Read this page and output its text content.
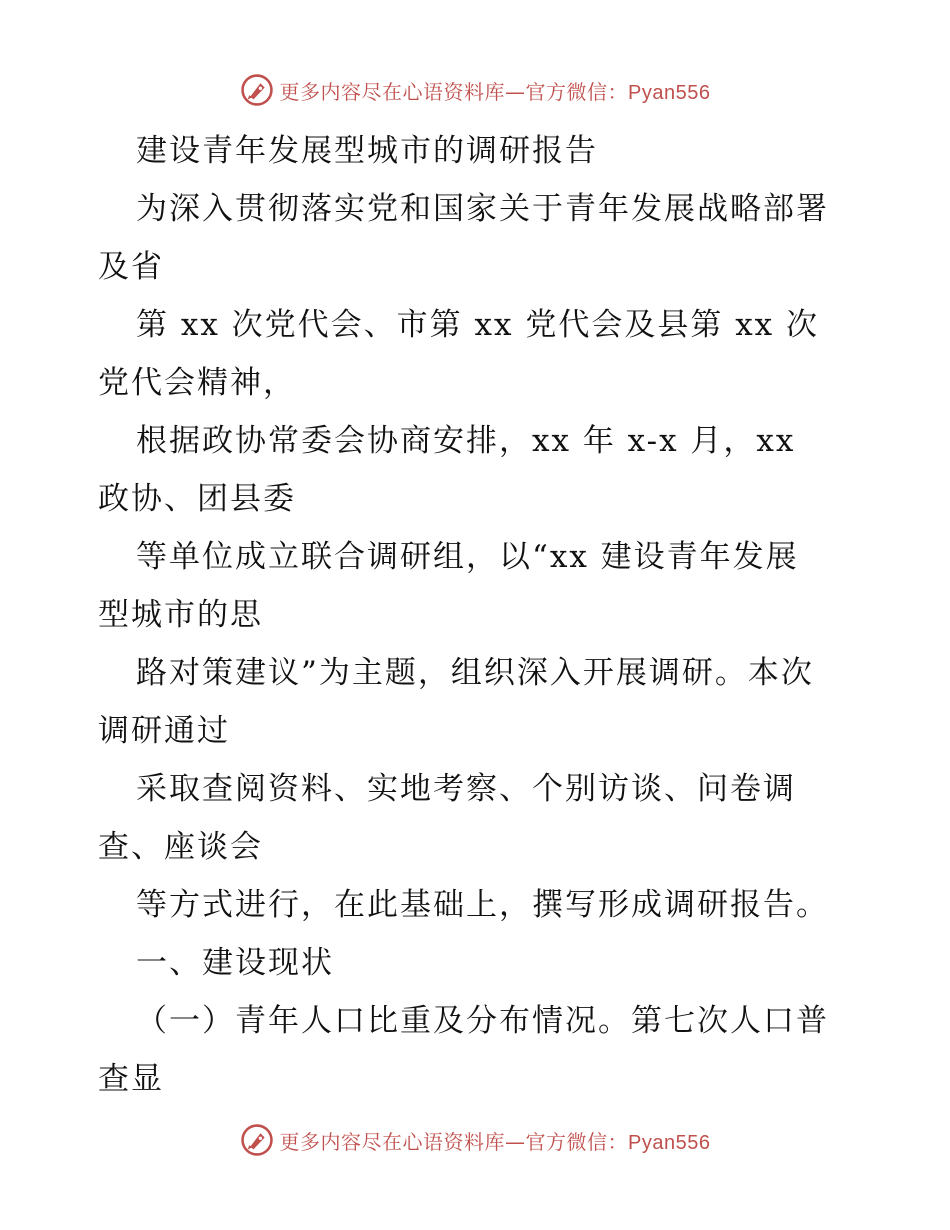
更多内容尽在心语资料库—官方微信：Pyan556
建设青年发展型城市的调研报告
为深入贯彻落实党和国家关于青年发展战略部署
及省
第 xx 次党代会、市第 xx 党代会及县第 xx 次
党代会精神，
根据政协常委会协商安排，xx 年 x-x 月，xx
政协、团县委
等单位成立联合调研组，以“xx 建设青年发展
型城市的思
路对策建议”为主题，组织深入开展调研。本次
调研通过
采取查阅资料、实地考察、个别访谈、问卷调
查、座谈会
等方式进行，在此基础上，撰写形成调研报告。
一、建设现状
（一）青年人口比重及分布情况。第七次人口普
查显
更多内容尽在心语资料库—官方微信：Pyan556
